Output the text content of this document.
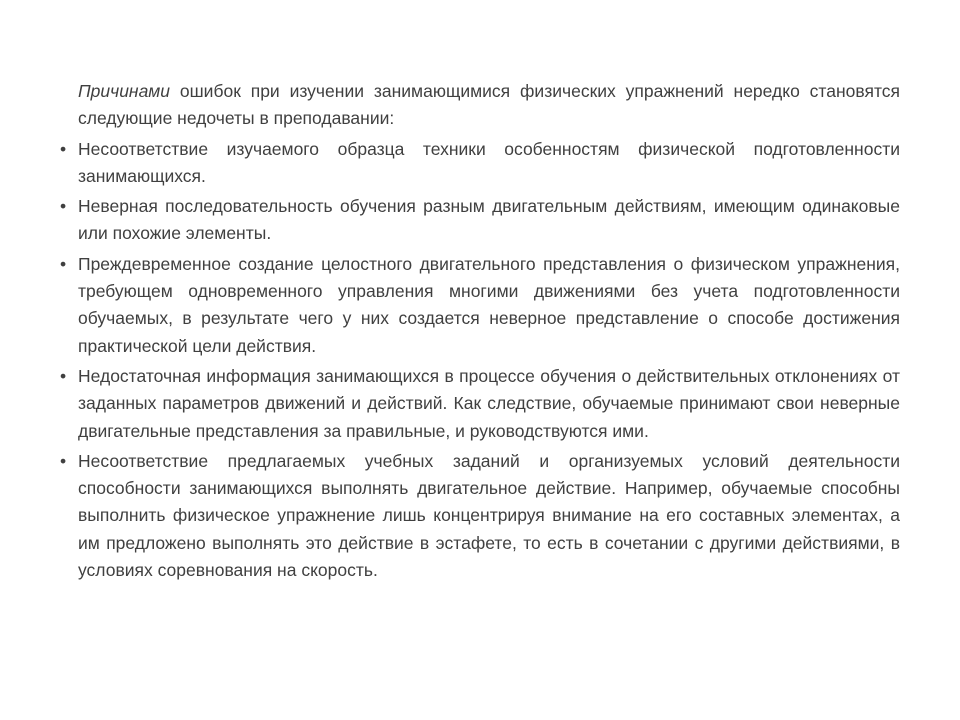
Причинами ошибок при изучении занимающимися физических упражнений нередко становятся следующие недочеты в преподавании:

• Несоответствие изучаемого образца техники особенностям физической подготовленности занимающихся.
• Неверная последовательность обучения разным двигательным действиям, имеющим одинаковые или похожие элементы.
• Преждевременное создание целостного двигательного представления о физическом упражнения, требующем одновременного управления многими движениями без учета подготовленности обучаемых, в результате чего у них создается неверное представление о способе достижения практической цели действия.
• Недостаточная информация занимающихся в процессе обучения о действительных отклонениях от заданных параметров движений и действий. Как следствие, обучаемые принимают свои неверные двигательные представления за правильные, и руководствуются ими.
• Несоответствие предлагаемых учебных заданий и организуемых условий деятельности способности занимающихся выполнять двигательное действие. Например, обучаемые способны выполнить физическое упражнение лишь концентрируя внимание на его составных элементах, а им предложено выполнять это действие в эстафете, то есть в сочетании с другими действиями, в условиях соревнования на скорость.
